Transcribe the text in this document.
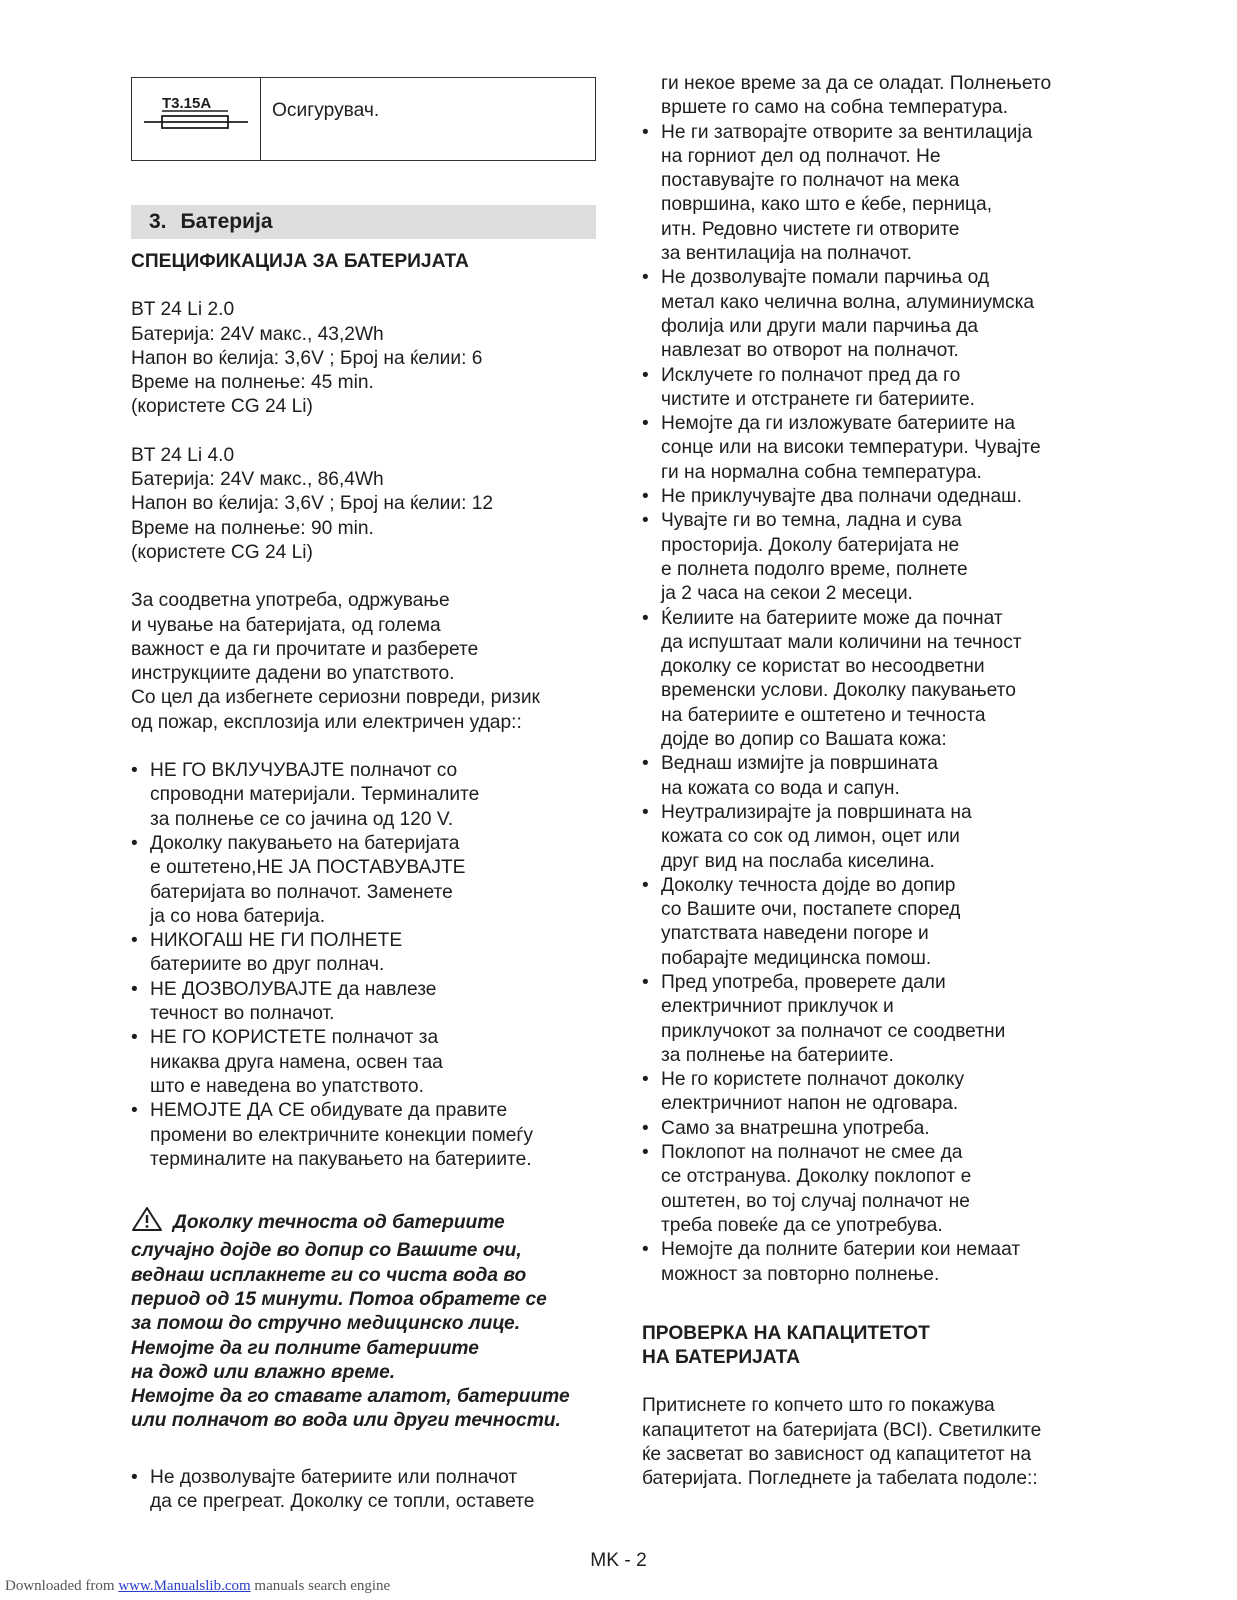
T3.15A	Осигурувач.
3. Батерија
СПЕЦИФИКАЦИЈА ЗА БАТЕРИЈАТА

BT 24 Li 2.0

Батерија: 24V макс., 43,2Wh

Напон во ќелија: 3,6V ; Број на ќелии: 6

Време на полнење: 45 min.

(користете CG 24 Li)

BT 24 Li 4.0

Батерија: 24V макс., 86,4Wh

Напон во ќелија: 3,6V ; Број на ќелии: 12

Време на полнење: 90 min.

(користете CG 24 Li)

За соодветна употреба, одржување

и чување на батеријата, од голема

важност е да ги прочитате и разберете

инструкциите дадени во упатството.

Со цел да избегнете сериозни повреди, ризик

од пожар, експлозија или електричен удар::

• НЕ ГО ВКЛУЧУВАЈТЕ полначот со
спроводни материјали. Терминалите
за полнење се со јачина од 120 V.
• Доколку пакувањето на батеријата
е оштетено,НЕ ЈА ПОСТАВУВАЈТЕ
батеријата во полначот. Заменете
ја со нова батерија.
• НИКОГАШ НЕ ГИ ПОЛНЕТЕ
батериите во друг полнач.
• НЕ ДОЗВОЛУВАЈТЕ да навлезе
течност во полначот.
• НЕ ГО КОРИСТЕТЕ полначот за
никаква друга намена, освен таа
што е наведена во упатството.
• НЕМОЈТЕ ДА СЕ обидувате да правите
промени во електричните конекции помеѓу
терминалите на пакувањето на батериите.
Доколку течноста од батериите
случајно дојде во допир со Вашите очи,
веднаш исплакнете ги со чиста вода во
период од 15 минути. Потоа обратете се
за помош до стручно медицинско лице.
Немојте да ги полните батериите
на дожд или влажно време.
Немојте да го ставате алатот, батериите
или полначот во вода или други течности.
• Не дозволувајте батериите или полначот
да се прегреат. Доколку се топли, оставете

ги некое време за да се оладат. Полнењето

вршете го само на собна температура.

• Не ги затворајте отворите за вентилација
на горниот дел од полначот. Не
поставувајте го полначот на мека
површина, како што е ќебе, перница,
итн. Редовно чистете ги отворите
за вентилација на полначот.
• Не дозволувајте помали парчиња од
метал како челична волна, алуминиумска
фолија или други мали парчиња да
навлезат во отворот на полначот.
• Исклучете го полначот пред да го
чистите и отстранете ги батериите.
• Немојте да ги изложувате батериите на
сонце или на високи температури. Чувајте
ги на нормална собна температура.
• Не приклучувајте два полначи одеднаш.
• Чувајте ги во темна, ладна и сува
просторија. Доколу батеријата не
е полнета подолго време, полнете
ја 2 часа на секои 2 месеци.
• Ќелиите на батериите може да почнат
да испуштаат мали количини на течност
доколку се користат во несоодветни
временски услови. Доколку пакувањето
на батериите е оштетено и течноста
дојде во допир со Вашата кожа:
• Веднаш измијте ја површината
на кожата со вода и сапун.
• Неутрализирајте ја површината на
кожата со сок од лимон, оцет или
друг вид на послаба киселина.
• Доколку течноста дојде во допир
со Вашите очи, постапете според
упатствата наведени погоре и
побарајте медицинска помош.
• Пред употреба, проверете дали
електричниот приклучок и
приклучокот за полначот се соодветни
за полнење на батериите.
• Не го користете полначот доколку
електричниот напон не одговара.
• Само за внатрешна употреба.
• Поклопот на полначот не смее да
се отстранува. Доколку поклопот е
оштетен, во тој случај полначот не
треба повеќе да се употребува.
• Немојте да полните батерии кои немаат
можност за повторно полнење.
ПРОВЕРКА НА КАПАЦИТЕТОТ
НА БАТЕРИЈАТА

Притиснете го копчето што го покажува

капацитетот на батеријата (BCI). Светилките

ќе засветат во зависност од капацитетот на

батеријата. Погледнете ја табелата подоле::

MK - 2
Downloaded from www.Manualslib.com manuals search engine
